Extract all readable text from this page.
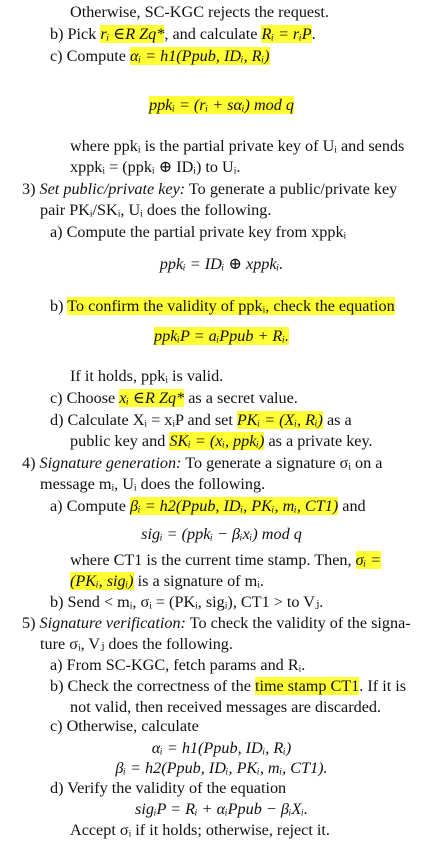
Otherwise, SC-KGC rejects the request.
b) Pick rᵢ ∈R Zq*, and calculate Rᵢ = rᵢP.
c) Compute αᵢ = h1(Ppub, IDᵢ, Rᵢ)
ppkᵢ = (rᵢ + sαᵢ) mod q
where ppkᵢ is the partial private key of Uᵢ and sends
xppkᵢ = (ppkᵢ ⊕ IDᵢ) to Uᵢ.
3) Set public/private key: To generate a public/private key
pair PKᵢ/SKᵢ, Uᵢ does the following.
a) Compute the partial private key from xppkᵢ
ppkᵢ = IDᵢ ⊕ xppkᵢ.
b) To confirm the validity of ppkᵢ, check the equation
ppkᵢP = aᵢPpub + Rᵢ.
If it holds, ppkᵢ is valid.
c) Choose xᵢ ∈R Zq* as a secret value.
d) Calculate Xᵢ = xᵢP and set PKᵢ = (Xᵢ, Rᵢ) as a
public key and SKᵢ = (xᵢ, ppkᵢ) as a private key.
4) Signature generation: To generate a signature σᵢ on a
message mᵢ, Uᵢ does the following.
a) Compute βᵢ = h2(Ppub, IDᵢ, PKᵢ, mᵢ, CT1) and
sigᵢ = (ppkᵢ − βᵢxᵢ) mod q
where CT1 is the current time stamp. Then, σᵢ =
(PKᵢ, sigᵢ) is a signature of mᵢ.
b) Send < mᵢ, σᵢ = (PKᵢ, sigᵢ), CT1 > to Vⱼ.
5) Signature verification: To check the validity of the signa-
ture σᵢ, Vⱼ does the following.
a) From SC-KGC, fetch params and Rᵢ.
b) Check the correctness of the time stamp CT1. If it is
not valid, then received messages are discarded.
c) Otherwise, calculate
αᵢ = h1(Ppub, IDᵢ, Rᵢ)
βᵢ = h2(Ppub, IDᵢ, PKᵢ, mᵢ, CT1).
d) Verify the validity of the equation
sigᵢP = Rᵢ + αᵢPpub − βᵢXᵢ.
Accept σᵢ if it holds; otherwise, reject it.
